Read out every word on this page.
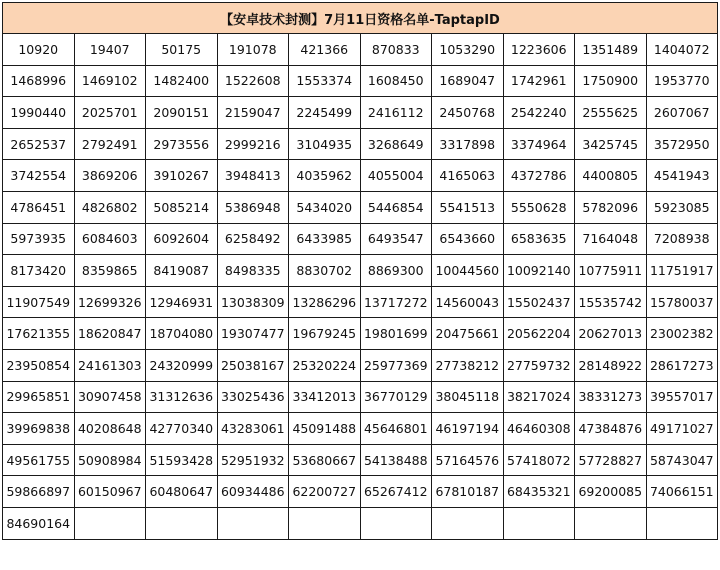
【安卓技术封测】7月11日资格名单-TaptapID									
10920	19407	50175	191078	421366	870833	1053290	1223606	1351489	1404072
1468996	1469102	1482400	1522608	1553374	1608450	1689047	1742961	1750900	1953770
1990440	2025701	2090151	2159047	2245499	2416112	2450768	2542240	2555625	2607067
2652537	2792491	2973556	2999216	3104935	3268649	3317898	3374964	3425745	3572950
3742554	3869206	3910267	3948413	4035962	4055004	4165063	4372786	4400805	4541943
4786451	4826802	5085214	5386948	5434020	5446854	5541513	5550628	5782096	5923085
5973935	6084603	6092604	6258492	6433985	6493547	6543660	6583635	7164048	7208938
8173420	8359865	8419087	8498335	8830702	8869300	10044560	10092140	10775911	11751917
11907549	12699326	12946931	13038309	13286296	13717272	14560043	15502437	15535742	15780037
17621355	18620847	18704080	19307477	19679245	19801699	20475661	20562204	20627013	23002382
23950854	24161303	24320999	25038167	25320224	25977369	27738212	27759732	28148922	28617273
29965851	30907458	31312636	33025436	33412013	36770129	38045118	38217024	38331273	39557017
39969838	40208648	42770340	43283061	45091488	45646801	46197194	46460308	47384876	49171027
49561755	50908984	51593428	52951932	53680667	54138488	57164576	57418072	57728827	58743047
59866897	60150967	60480647	60934486	62200727	65267412	67810187	68435321	69200085	74066151
84690164									
